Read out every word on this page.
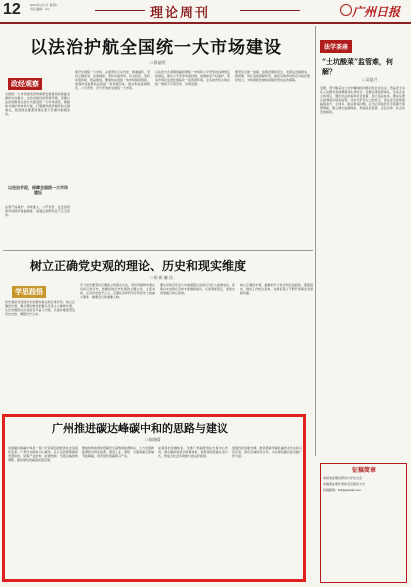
12	2024年x月x日 星期x
责任编辑：xxx	理论周刊	广州日报
以法治护航全国统一大市场建设
□ 徐显明
政经观察
全国统一大市场建设是构建新发展格局的基础支撑和内在要求，法治是最好的营商环境，需要以法治思维和法治方式推进统一大市场建设，破除地方保护和市场分割，打通制约经济循环的关键堵点，促进商品要素资源在更大范围内畅通流动。
以法治手段，保障全国统一大市场建设
完善产权保护、市场准入、公平竞争、社会信用等市场经济基础制度，加强反垄断和反不正当竞争。
建设全国统一大市场，必须坚持立足内需、畅通循环，坚持立破并举、完善制度，坚持有效市场、有为政府，坚持系统协同、稳妥推进。要加快完善统一的市场制度规则，加强市场监管执法的统一性和规范性，推动形成高效规范、公平竞争、充分开放的全国统一大市场。
以法治方式清理废除妨碍统一市场和公平竞争的各种规定和做法，健全公平竞争审查机制，加强知识产权保护，营造市场化法治化国际化一流营商环境，让各类市场主体在统一规则下平等竞争、共同发展。
要坚持全国一盘棋，统筹发展和安全，发挥法治固根本、稳预期、利长远的保障作用，推动有效市场和有为政府更好结合，为构建新发展格局提供坚实法治保障。
树立正确党史观的理论、历史和现实维度
□ 胡 研 廉 洁
学思践悟
党史观是对党的历史的根本看法和总体评价。树立正确党史观，要从理论维度把握马克思主义唯物史观，从历史维度认识党的百年奋斗历程，从现实维度坚定历史自信、增强历史主动。
学习党史要坚持正确的立场观点方法，坚持用唯物史观认识和记录历史，把握党的历史发展的主题主线、主流本质，反对历史虚无主义，正确认识和科学评价党史上的重大事件、重要会议和重要人物。
要从党的百年奋斗中看清楚过去我们为什么能够成功，弄明白未来我们怎样才能继续成功，从而更加坚定、更加自觉地践行初心使命。
树立正确党史观，就要把学习党史同总结经验、观照现实、推动工作结合起来，在新征程上不断开创事业发展新局面。
广州推进碳达峰碳中和的思路与建议
□ 陈晓晴
实现碳达峰碳中和是一场广泛而深刻的经济社会系统性变革。广州作为国家中心城市，应立足资源禀赋和发展阶段，统筹产业结构、能源结构、交通运输结构调整，推动绿色低碳高质量发展。
要加快构建清洁低碳安全高效的能源体系，大力发展新能源和可再生能源，推进工业、建筑、交通等重点领域节能降碳，培育绿色低碳新兴产业。
完善绿色金融体系，发挥广州碳排放权交易中心作用，健全碳排放统计核算体系，倡导绿色低碳生活方式，形成全社会共同参与的良好格局。
加强科技创新支撑，推进低碳零碳负碳技术攻关和示范应用，深化区域协同合作，为实现双碳目标贡献广州力量。
法学茶座
“土坑酸菜”监管难，何解？
□ 吴晶兴
近期，部分酸菜在土坑中腌制的问题引发社会关注。食品安全关系人民群众身体健康和生命安全，需要完善监管体系，压实企业主体责任，强化执法检查和社会监督，加大违法成本，推动从源头到餐桌全链条监管，切实守护舌尖上的安全。食品安全监管面临链条长、主体多、取证难等问题，应当运用信息化手段提升监管效能，建立健全追溯体系，形成政府监管、企业自律、社会共治的格局。
征稿简章
本版欢迎理论研究与评论文章
来稿请注明作者姓名及联系方式
投稿邮箱：llzk@gzdaily.com
